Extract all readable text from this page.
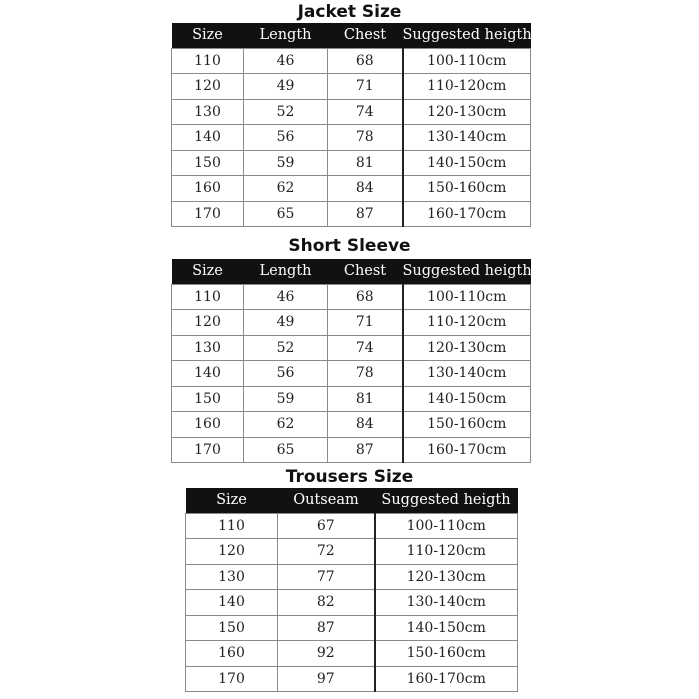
Jacket Size
Size	Length	Chest	Suggested heigth
110	46	68	100-110cm
120	49	71	110-120cm
130	52	74	120-130cm
140	56	78	130-140cm
150	59	81	140-150cm
160	62	84	150-160cm
170	65	87	160-170cm
Short Sleeve
Size	Length	Chest	Suggested heigth
110	46	68	100-110cm
120	49	71	110-120cm
130	52	74	120-130cm
140	56	78	130-140cm
150	59	81	140-150cm
160	62	84	150-160cm
170	65	87	160-170cm
Trousers Size
Size	Outseam	Suggested heigth
110	67	100-110cm
120	72	110-120cm
130	77	120-130cm
140	82	130-140cm
150	87	140-150cm
160	92	150-160cm
170	97	160-170cm
